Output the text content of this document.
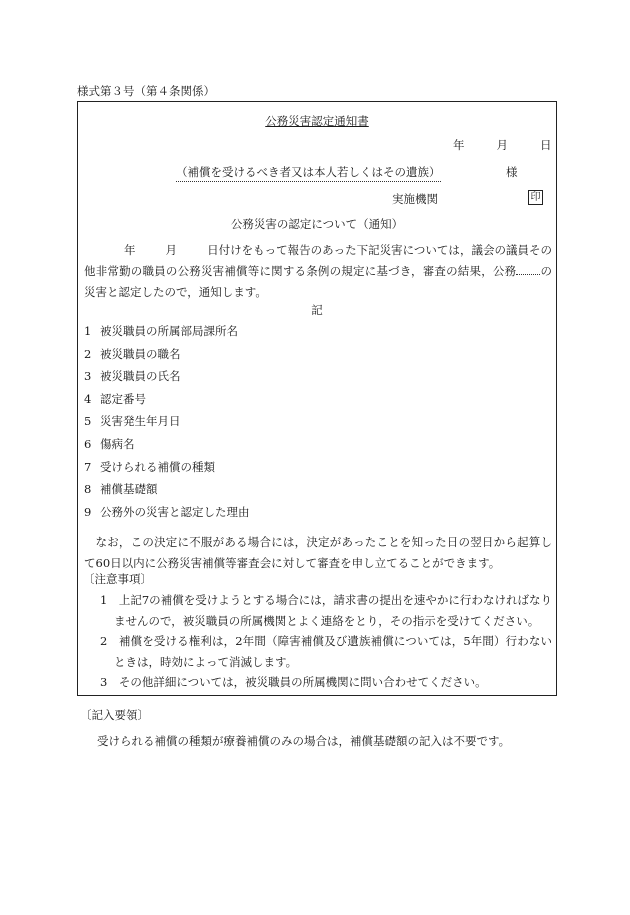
様式第３号（第４条関係）
公務災害認定通知書
年	月	日
（補償を受けるべき者又は本人若しくはその遺族）	様
実施機関	印
公務災害の認定について（通知）
年	月	日付けをもって報告のあった下記災害については，議会の議員その他非常勤の職員の公務災害補償等に関する条例の規定に基づき，審査の結果，公務 の災害と認定したので，通知します。
記
1 被災職員の所属部局課所名
2 被災職員の職名
3 被災職員の氏名
4 認定番号
5 災害発生年月日
6 傷病名
7 受けられる補償の種類
8 補償基礎額
9 公務外の災害と認定した理由
なお，この決定に不服がある場合には，決定があったことを知った日の翌日から起算して60日以内に公務災害補償等審査会に対して審査を申し立てることができます。
〔注意事項〕
1　上記7の補償を受けようとする場合には，請求書の提出を速やかに行わなければなりませんので，被災職員の所属機関とよく連絡をとり，その指示を受けてください。
2　補償を受ける権利は，2年間（障害補償及び遺族補償については，5年間）行わないときは，時効によって消滅します。
3　その他詳細については，被災職員の所属機関に問い合わせてください。
〔記入要領〕
受けられる補償の種類が療養補償のみの場合は，補償基礎額の記入は不要です。
